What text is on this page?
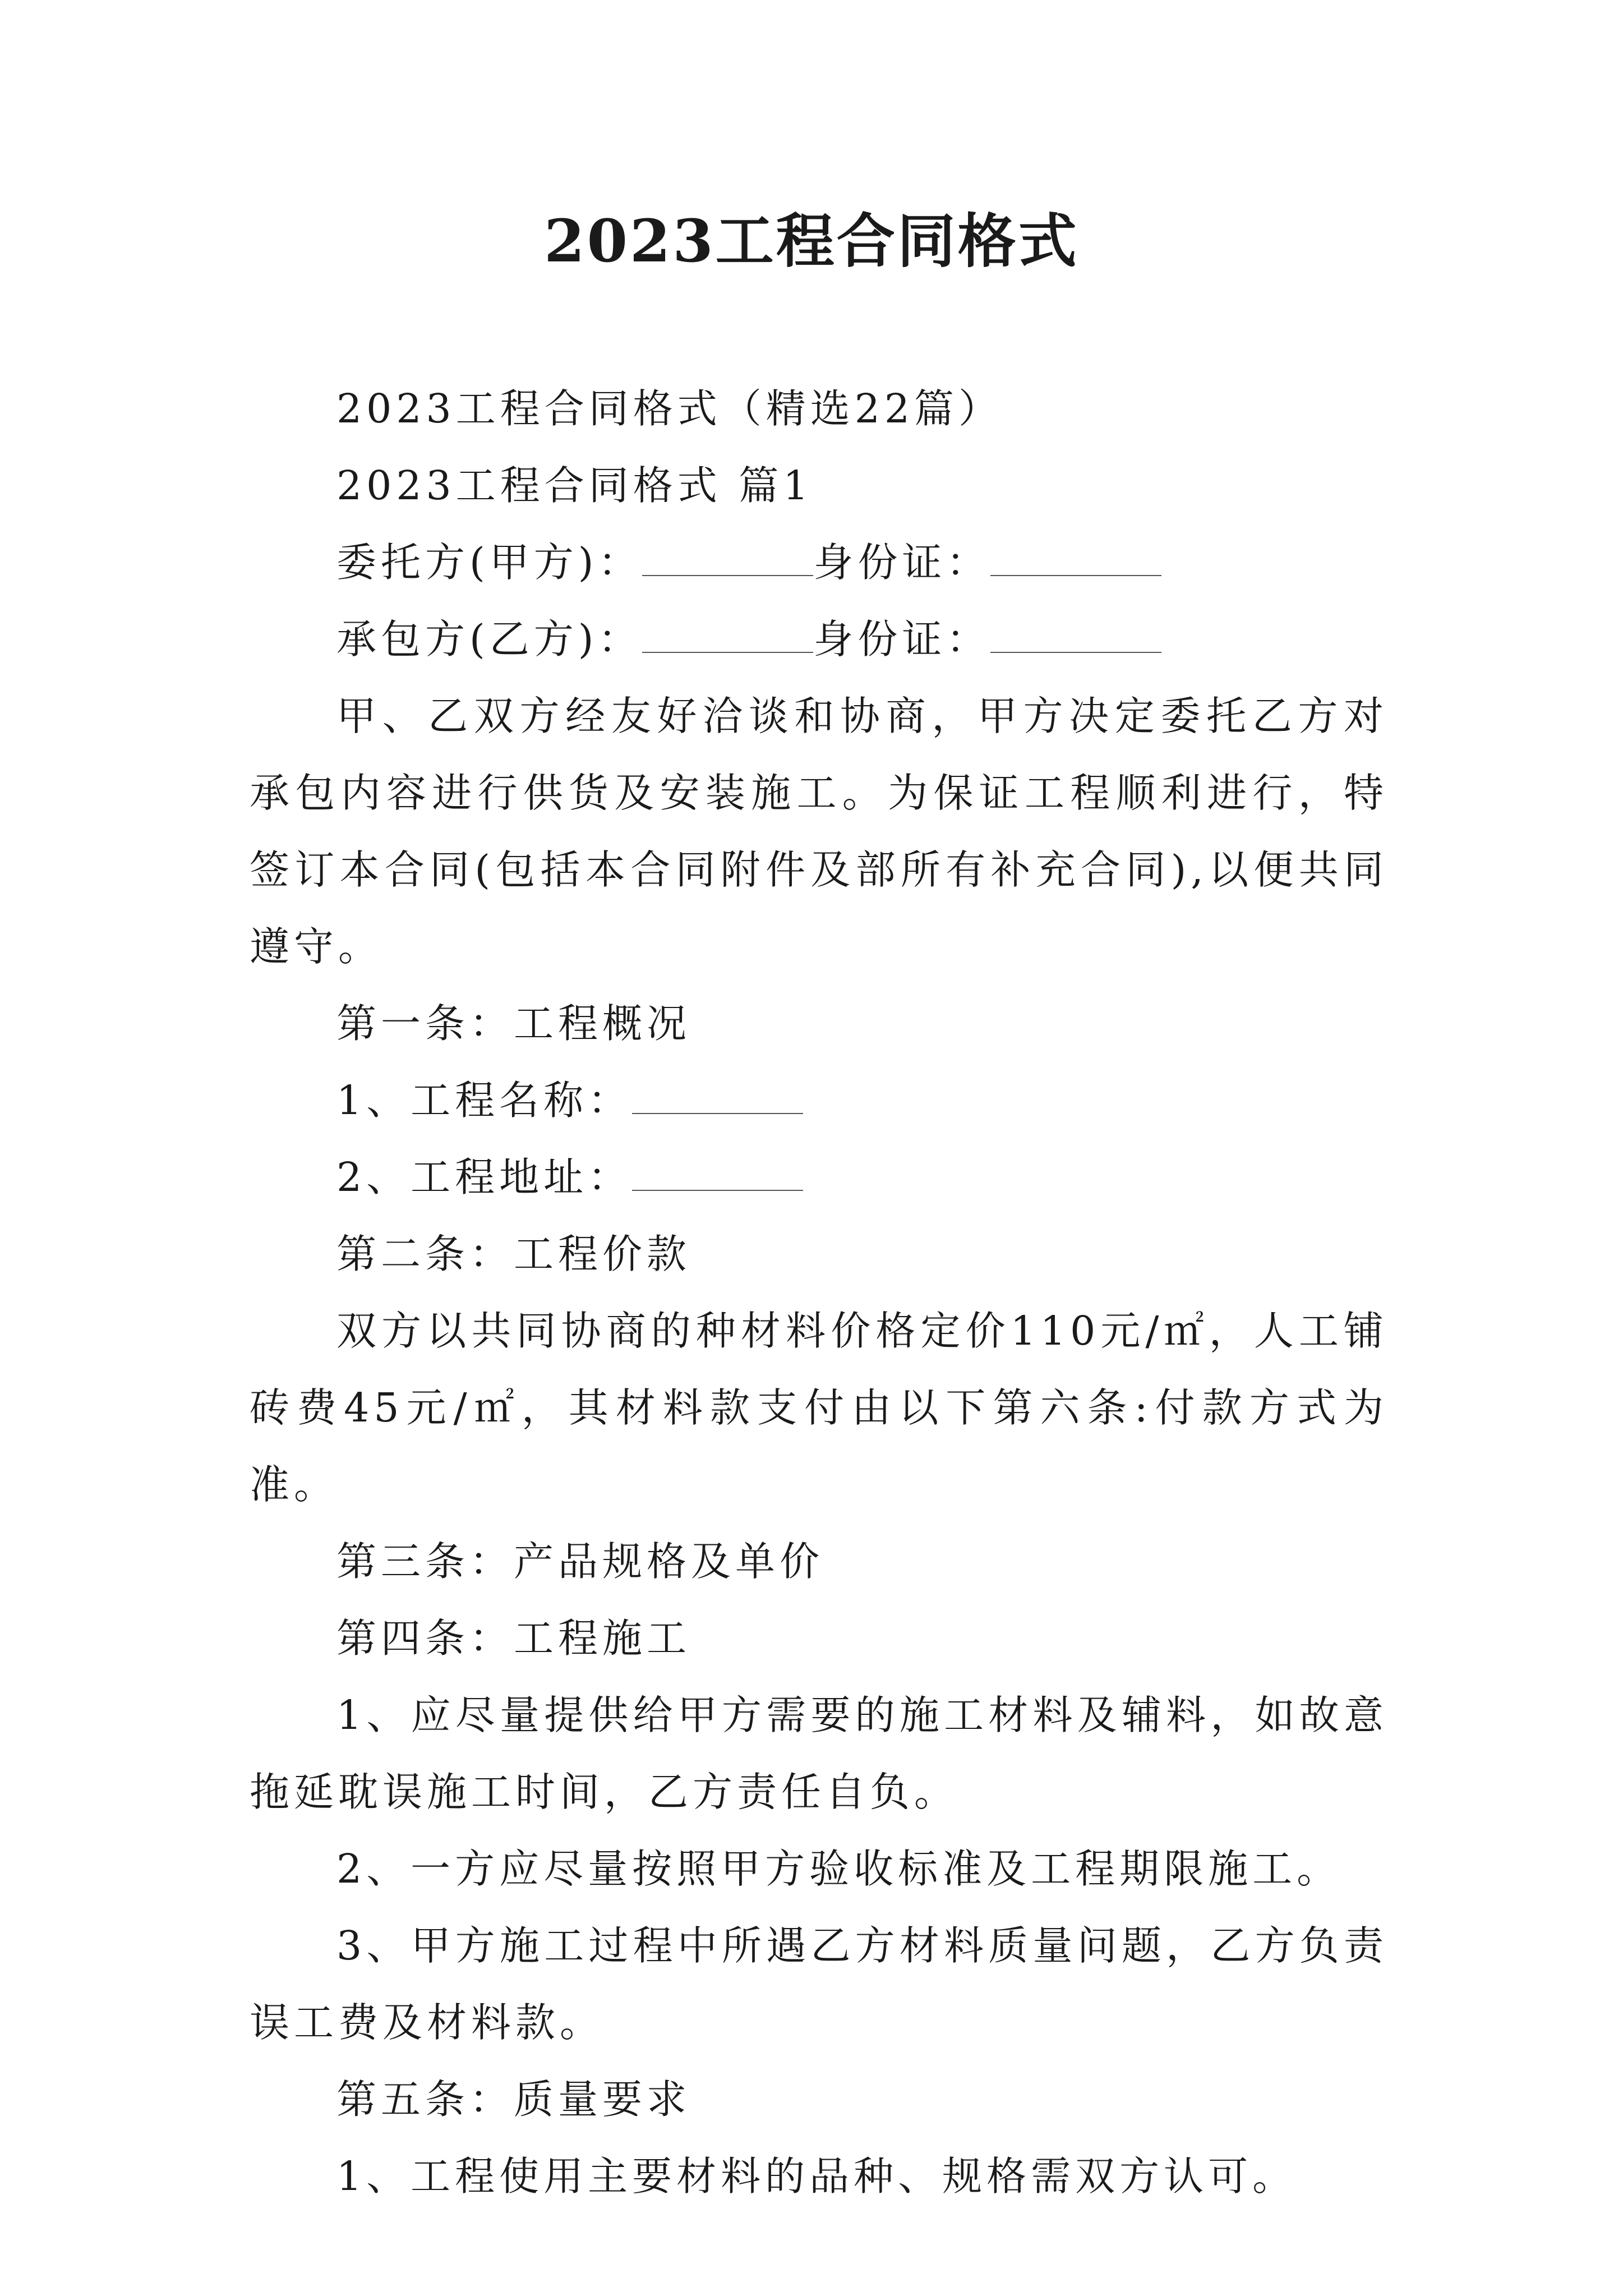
2023工程合同格式

2023工程合同格式（精选22篇）

2023工程合同格式 篇1

委托方(甲方)：	身份证：

承包方(乙方)：	身份证：

甲、乙双方经友好洽谈和协商，甲方决定委托乙方对承包内容进行供货及安装施工。为保证工程顺利进行，特签订本合同(包括本合同附件及部所有补充合同),以便共同遵守。

第一条：工程概况

1、工程名称：

2、工程地址：

第二条：工程价款

双方以共同协商的种材料价格定价110元/㎡，人工铺砖费45元/㎡，其材料款支付由以下第六条:付款方式为准。

第三条：产品规格及单价

第四条：工程施工

1、应尽量提供给甲方需要的施工材料及辅料，如故意拖延耽误施工时间，乙方责任自负。

2、一方应尽量按照甲方验收标准及工程期限施工。

3、甲方施工过程中所遇乙方材料质量问题，乙方负责误工费及材料款。

第五条：质量要求

1、工程使用主要材料的品种、规格需双方认可。
